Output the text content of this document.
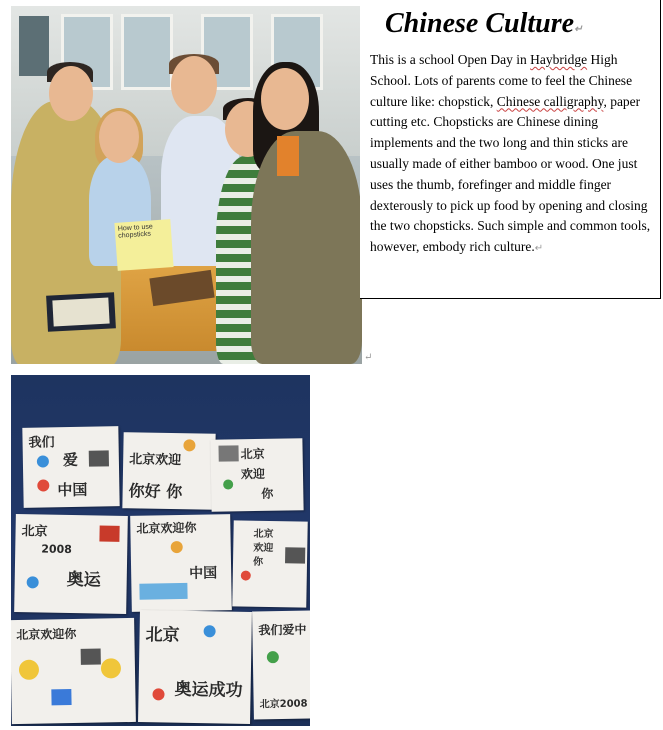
How to use chopsticks
↵
Chinese Culture↵

This is a school Open Day in Haybridge High School. Lots of parents come to feel the Chinese culture like: chopstick, Chinese calligraphy, paper cutting etc. Chopsticks are Chinese dining implements and the two long and thin sticks are usually made of either bamboo or wood. One just uses the thumb, forefinger and middle finger dexterously to pick up food by opening and closing the two chopsticks. Such simple and common tools, however, embody rich culture.↵

我们
爱
中国
北京欢迎
你好 你
北京
欢迎
你
北京
2008
奥运
北京欢迎你
中国
北京
欢迎
你
北京欢迎你	北京
奥运成功
我们爱中
北京2008
